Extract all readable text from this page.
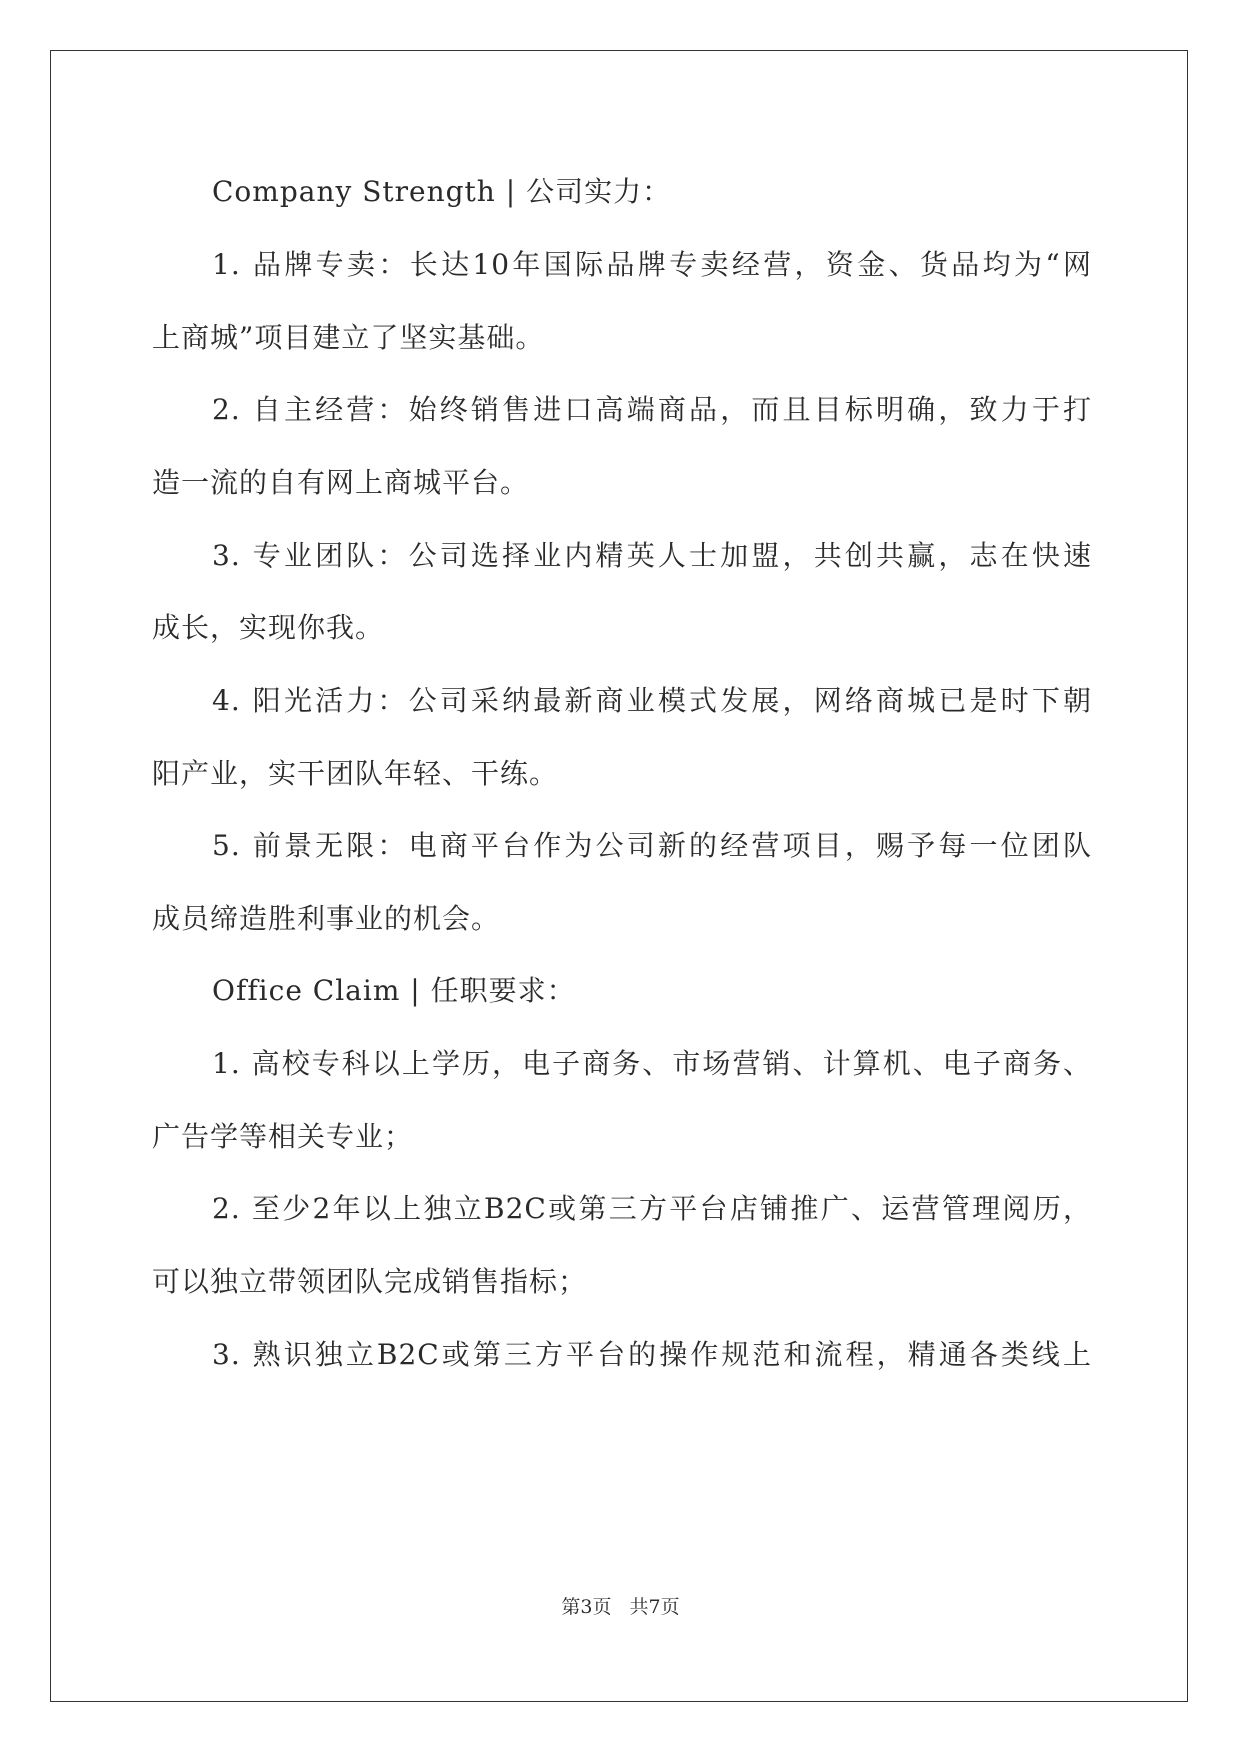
Company Strength | 公司实力：
1. 品牌专卖：长达10年国际品牌专卖经营，资金、货品均为“网
上商城”项目建立了坚实基础。
2. 自主经营：始终销售进口高端商品，而且目标明确，致力于打
造一流的自有网上商城平台。
3. 专业团队：公司选择业内精英人士加盟，共创共赢，志在快速
成长，实现你我。
4. 阳光活力：公司采纳最新商业模式发展，网络商城已是时下朝
阳产业，实干团队年轻、干练。
5. 前景无限：电商平台作为公司新的经营项目，赐予每一位团队
成员缔造胜利事业的机会。
Office Claim | 任职要求：
1. 高校专科以上学历，电子商务、市场营销、计算机、电子商务、
广告学等相关专业；
2. 至少2年以上独立B2C或第三方平台店铺推广、运营管理阅历，
可以独立带领团队完成销售指标；
3. 熟识独立B2C或第三方平台的操作规范和流程，精通各类线上
第3页 共7页
